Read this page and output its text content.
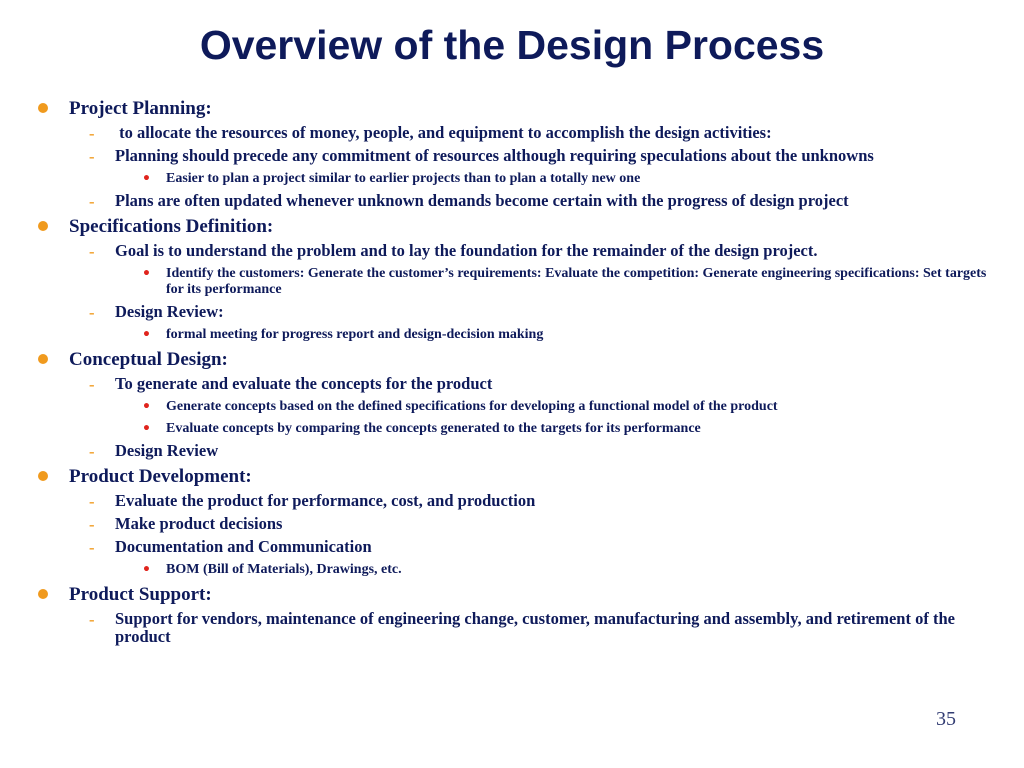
Overview of the Design Process
Project Planning:
– to allocate the resources of money, people, and equipment to accomplish the design activities:
– Planning should precede any commitment of resources although requiring speculations about the unknowns
• Easier to plan a project similar to earlier projects than to plan a totally new one
– Plans are often updated whenever unknown demands become certain with the progress of design project
Specifications Definition:
– Goal is to understand the problem and to lay the foundation for the remainder of the design project.
• Identify the customers: Generate the customer’s requirements: Evaluate the competition: Generate engineering specifications: Set targets for its performance
– Design Review:
• formal meeting for progress report and design-decision making
Conceptual Design:
– To generate and evaluate the concepts for the product
• Generate concepts based on the defined specifications for developing a functional model of the product
• Evaluate concepts by comparing the concepts generated to the targets for its performance
– Design Review
Product Development:
– Evaluate the product for performance, cost, and production
– Make product decisions
– Documentation and Communication
• BOM (Bill of Materials), Drawings, etc.
Product Support:
– Support for vendors, maintenance of engineering change, customer, manufacturing and assembly, and retirement of the product
35
